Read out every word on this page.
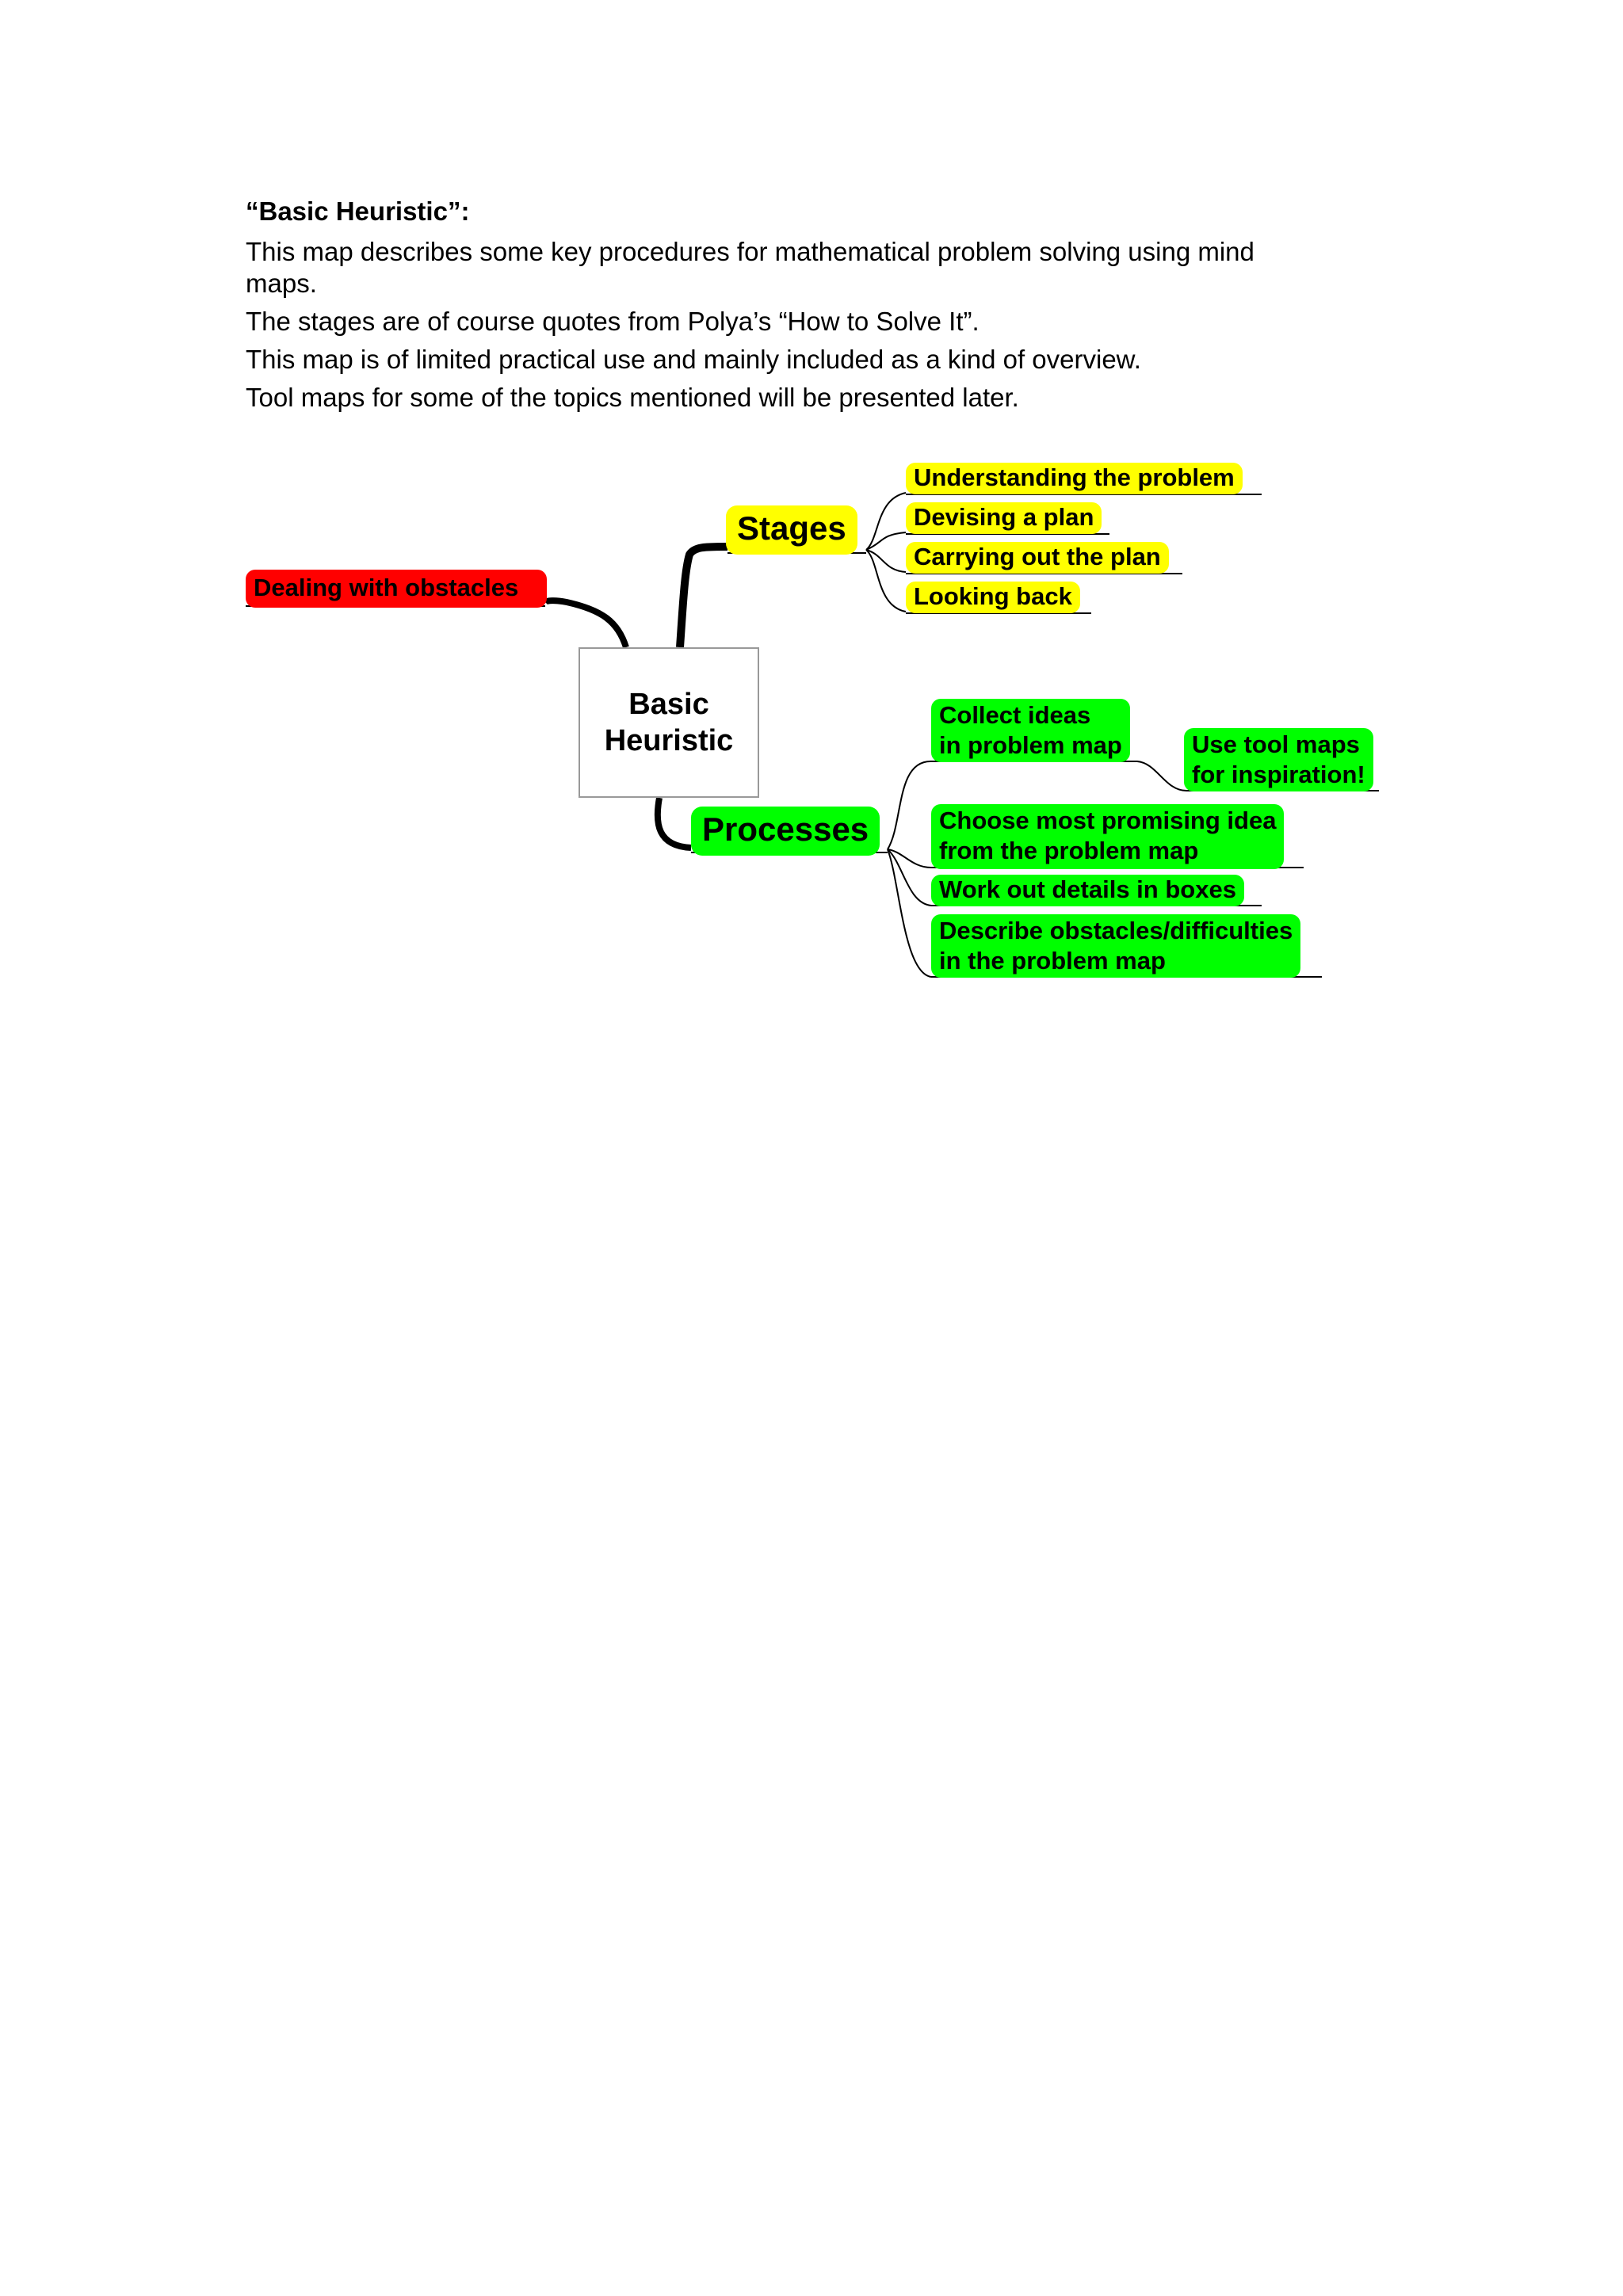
“Basic Heuristic”:

This map describes some key procedures for mathematical problem solving using mind maps.

The stages are of course quotes from Polya’s “How to Solve It”.

This map is of limited practical use and mainly included as a kind of overview.

Tool maps for some of the topics mentioned will be presented later.

Basic
Heuristic
Dealing with obstacles
Stages
Understanding the problem
Devising a plan
Carrying out the plan
Looking back
Processes
Collect ideas
in problem map	Use tool maps
for inspiration!
Choose most promising idea
from the problem map
Work out details in boxes
Describe obstacles/difficulties
in the problem map
